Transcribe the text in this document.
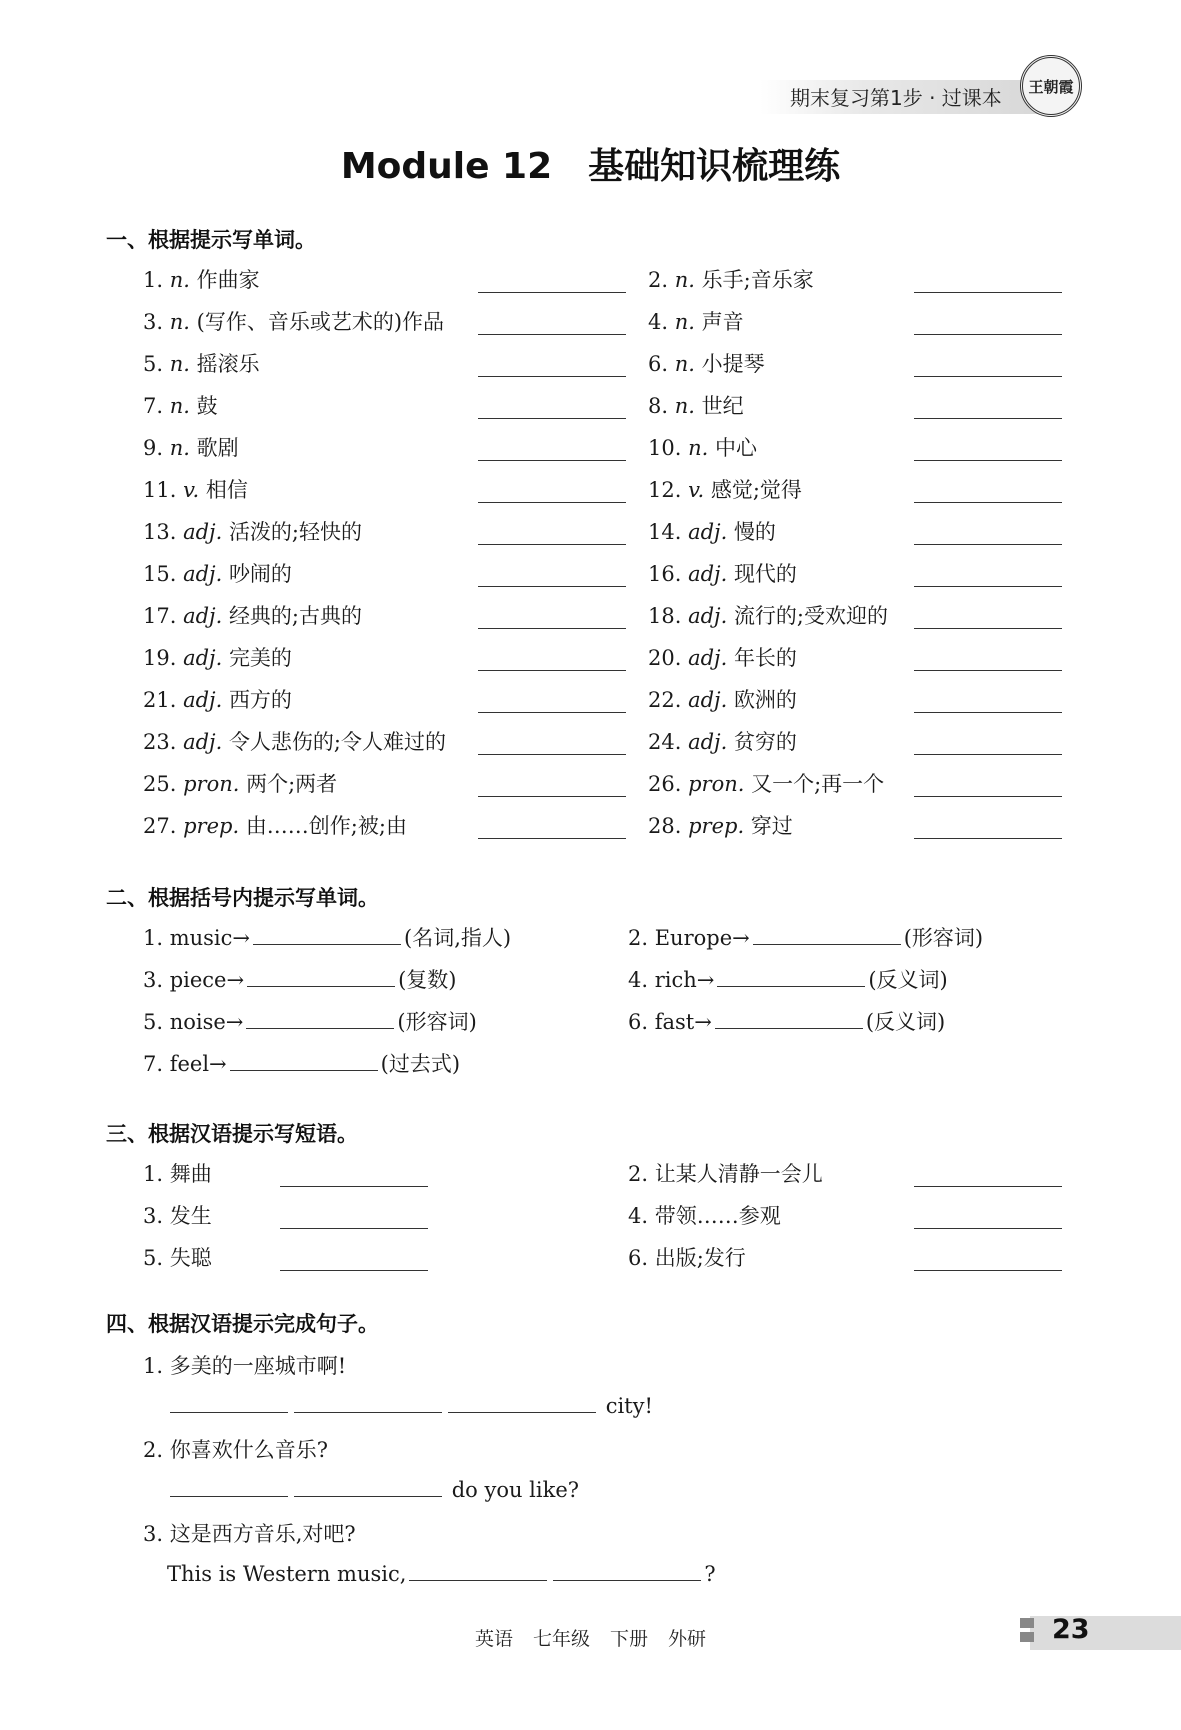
期末复习第1步 · 过课本	王朝霞
Module 12 基础知识梳理练
一、根据提示写单词。
1. n. 作曲家	2. n. 乐手;音乐家
3. n. (写作、音乐或艺术的)作品	4. n. 声音
5. n. 摇滚乐	6. n. 小提琴
7. n. 鼓	8. n. 世纪
9. n. 歌剧	10. n. 中心
11. v. 相信	12. v. 感觉;觉得
13. adj. 活泼的;轻快的	14. adj. 慢的
15. adj. 吵闹的	16. adj. 现代的
17. adj. 经典的;古典的	18. adj. 流行的;受欢迎的
19. adj. 完美的	20. adj. 年长的
21. adj. 西方的	22. adj. 欧洲的
23. adj. 令人悲伤的;令人难过的	24. adj. 贫穷的
25. pron. 两个;两者	26. pron. 又一个;再一个
27. prep. 由……创作;被;由	28. prep. 穿过
二、根据括号内提示写单词。
1. music→	(名词,指人)	2. Europe→	(形容词)
3. piece→	(复数)	4. rich→	(反义词)
5. noise→	(形容词)	6. fast→	(反义词)
7. feel→	(过去式)
三、根据汉语提示写短语。
1. 舞曲	2. 让某人清静一会儿
3. 发生	4. 带领……参观
5. 失聪	6. 出版;发行
四、根据汉语提示完成句子。
1. 多美的一座城市啊!
city!
2. 你喜欢什么音乐?
do you like?
3. 这是西方音乐,对吧?
This is Western music,	?
英语 七年级 下册 外研	23
